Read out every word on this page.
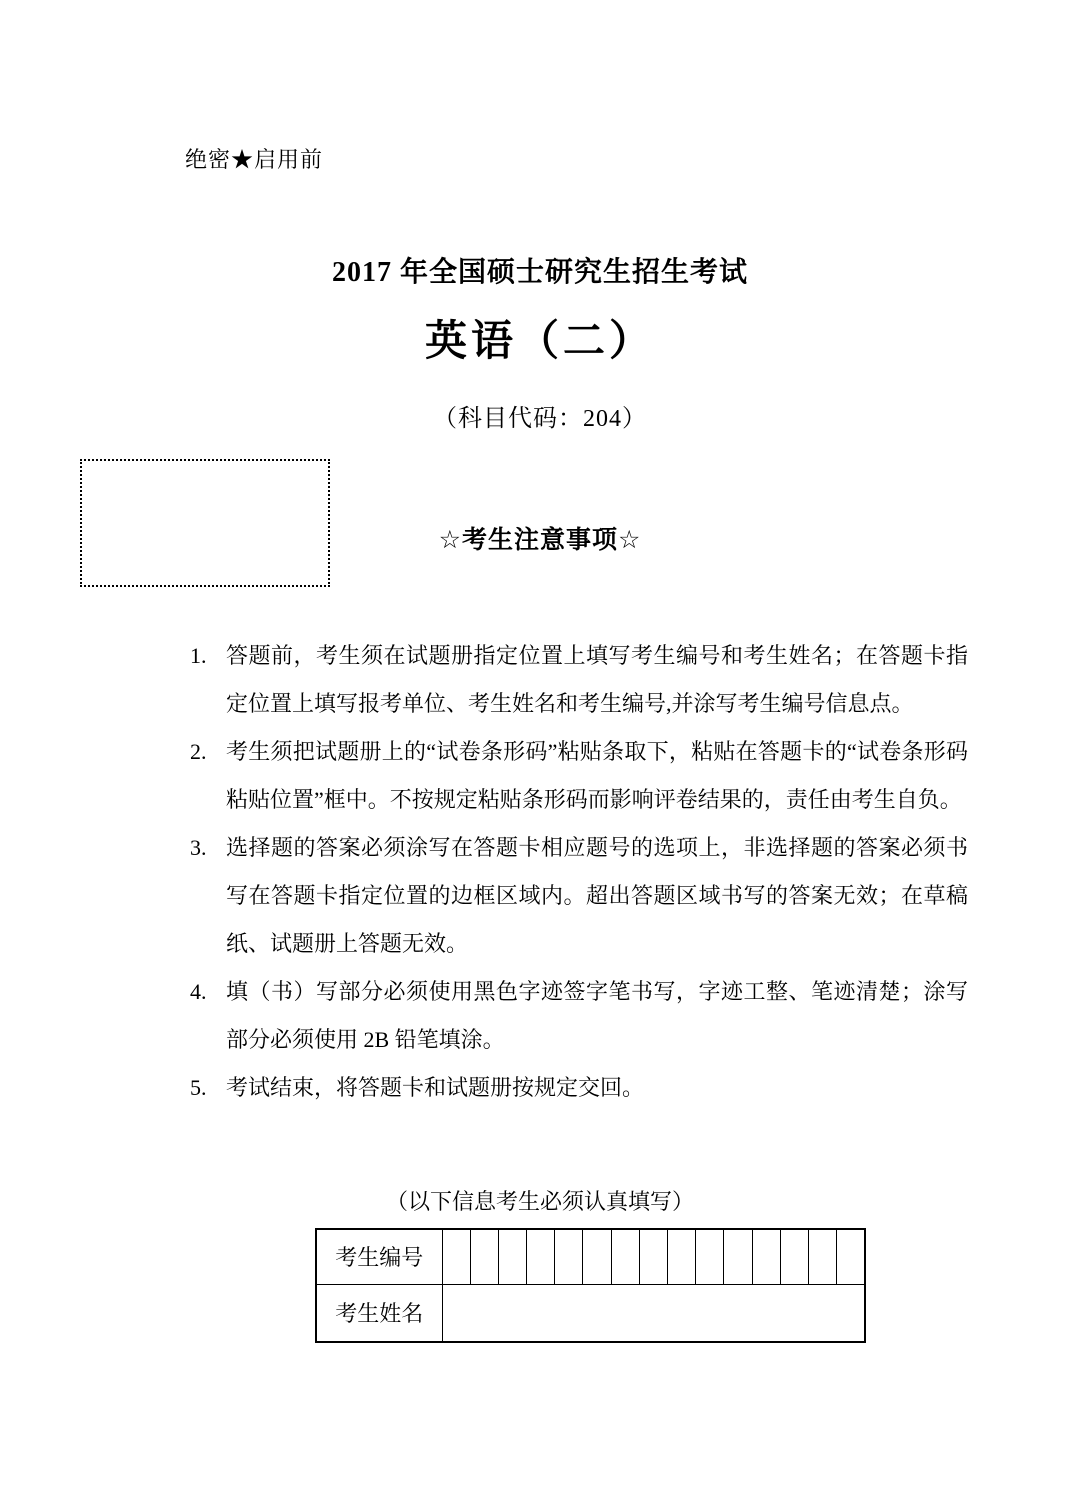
绝密★启用前
2017 年全国硕士研究生招生考试
英语（二）
（科目代码：204）
☆考生注意事项☆
1. 答题前，考生须在试题册指定位置上填写考生编号和考生姓名；在答题卡指定位置上填写报考单位、考生姓名和考生编号,并涂写考生编号信息点。
2. 考生须把试题册上的“试卷条形码”粘贴条取下，粘贴在答题卡的“试卷条形码粘贴位置”框中。不按规定粘贴条形码而影响评卷结果的，责任由考生自负。
3. 选择题的答案必须涂写在答题卡相应题号的选项上，非选择题的答案必须书写在答题卡指定位置的边框区域内。超出答题区域书写的答案无效；在草稿纸、试题册上答题无效。
4. 填（书）写部分必须使用黑色字迹签字笔书写，字迹工整、笔迹清楚；涂写部分必须使用 2B 铅笔填涂。
5. 考试结束，将答题卡和试题册按规定交回。
（以下信息考生必须认真填写）
考生编号															
考生姓名															
